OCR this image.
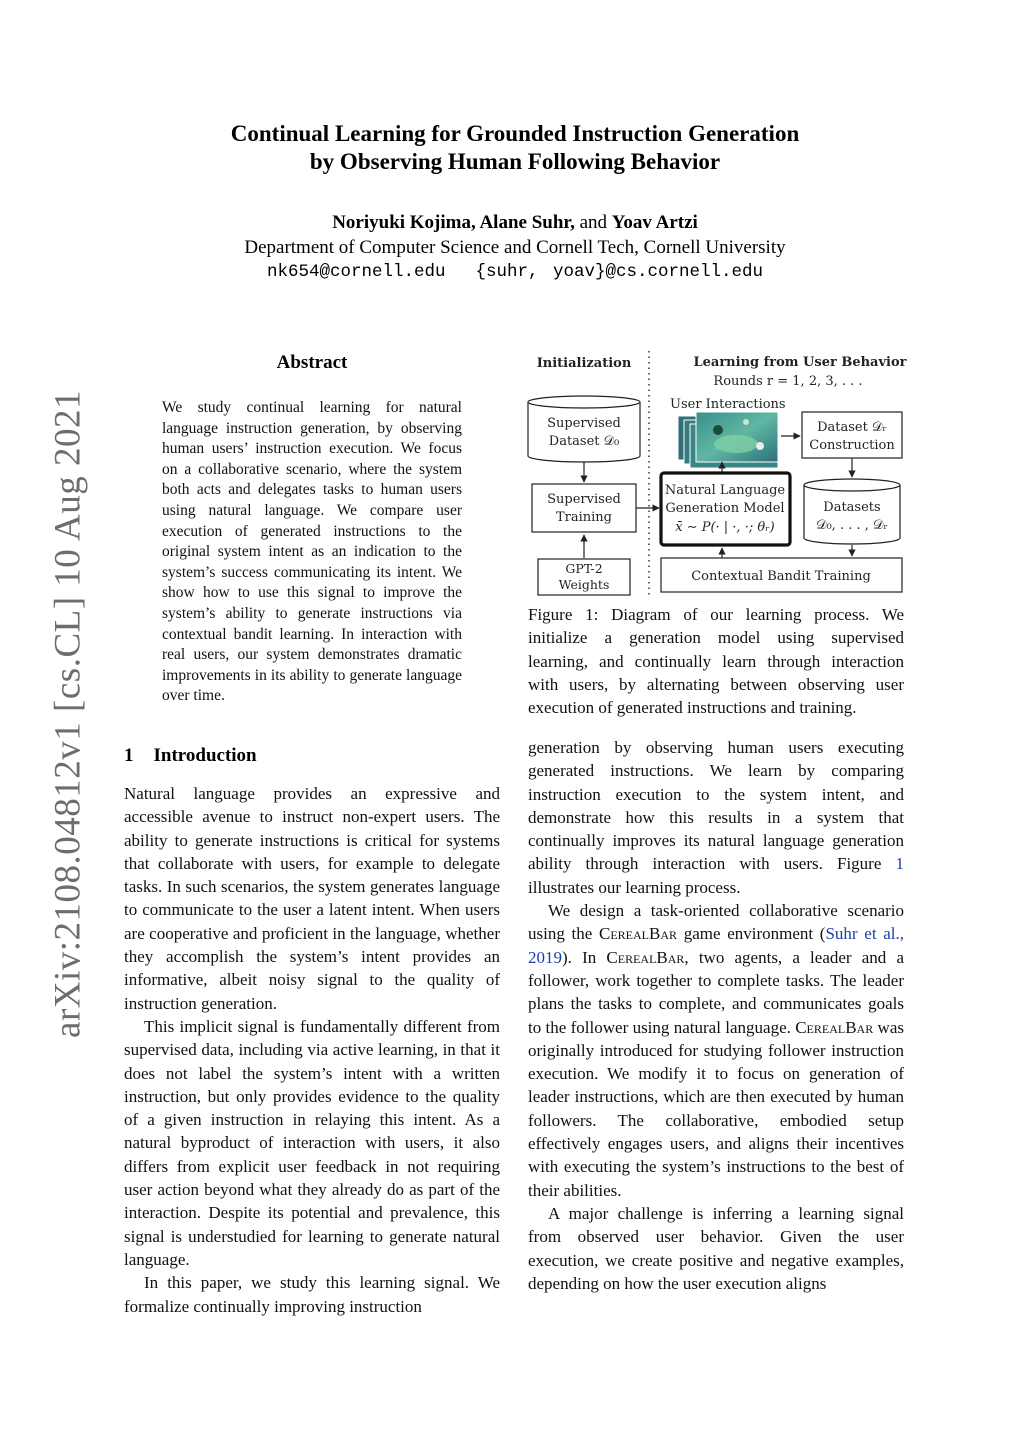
arXiv:2108.04812v1 [cs.CL] 10 Aug 2021
Continual Learning for Grounded Instruction Generation
by Observing Human Following Behavior
Noriyuki Kojima, Alane Suhr, and Yoav Artzi
Department of Computer Science and Cornell Tech, Cornell University
nk654@cornell.edu {suhr, yoav}@cs.cornell.edu
Abstract
We study continual learning for natural language instruction generation, by observing human users’ instruction execution. We focus on a collaborative scenario, where the system both acts and delegates tasks to human users using natural language. We compare user execution of generated instructions to the original system intent as an indication to the system’s success communicating its intent. We show how to use this signal to improve the system’s ability to generate instructions via contextual bandit learning. In interaction with real users, our system demonstrates dramatic improvements in its ability to generate language over time.
1 Introduction

Natural language provides an expressive and accessible avenue to instruct non-expert users. The ability to generate instructions is critical for systems that collaborate with users, for example to delegate tasks. In such scenarios, the system generates language to communicate to the user a latent intent. When users are cooperative and proficient in the language, whether they accomplish the system’s intent provides an informative, albeit noisy signal to the quality of instruction generation.

This implicit signal is fundamentally different from supervised data, including via active learning, in that it does not label the system’s intent with a written instruction, but only provides evidence to the quality of a given instruction in relaying this intent. As a natural byproduct of interaction with users, it also differs from explicit user feedback in not requiring user action beyond what they already do as part of the interaction. Despite its potential and prevalence, this signal is understudied for learning to generate natural language.

In this paper, we study this learning signal. We formalize continually improving instruction

Initialization	Learning from User Behavior
Rounds r = 1, 2, 3, . . .
Supervised
Dataset 𝒟₀
Supervised
Training
GPT-2
Weights
User Interactions
Dataset 𝒟ᵣ
Construction
Natural Language
Generation Model
x̄ ∼ P(· | ·, ·; θᵣ)
Datasets
𝒟₀, . . . , 𝒟ᵣ
Contextual Bandit Training
Figure 1: Diagram of our learning process. We initialize a generation model using supervised learning, and continually learn through interaction with users, by alternating between observing user execution of generated instructions and training.

generation by observing human users executing generated instructions. We learn by comparing instruction execution to the system intent, and demonstrate how this results in a system that continually improves its natural language generation ability through interaction with users. Figure 1 illustrates our learning process.

We design a task-oriented collaborative scenario using the CerealBar game environment (Suhr et al., 2019). In CerealBar, two agents, a leader and a follower, work together to complete tasks. The leader plans the tasks to complete, and communicates goals to the follower using natural language. CerealBar was originally introduced for studying follower instruction execution. We modify it to focus on generation of leader instructions, which are then executed by human followers. The collaborative, embodied setup effectively engages users, and aligns their incentives with executing the system’s instructions to the best of their abilities.

A major challenge is inferring a learning signal from observed user behavior. Given the user execution, we create positive and negative examples, depending on how the user execution aligns
